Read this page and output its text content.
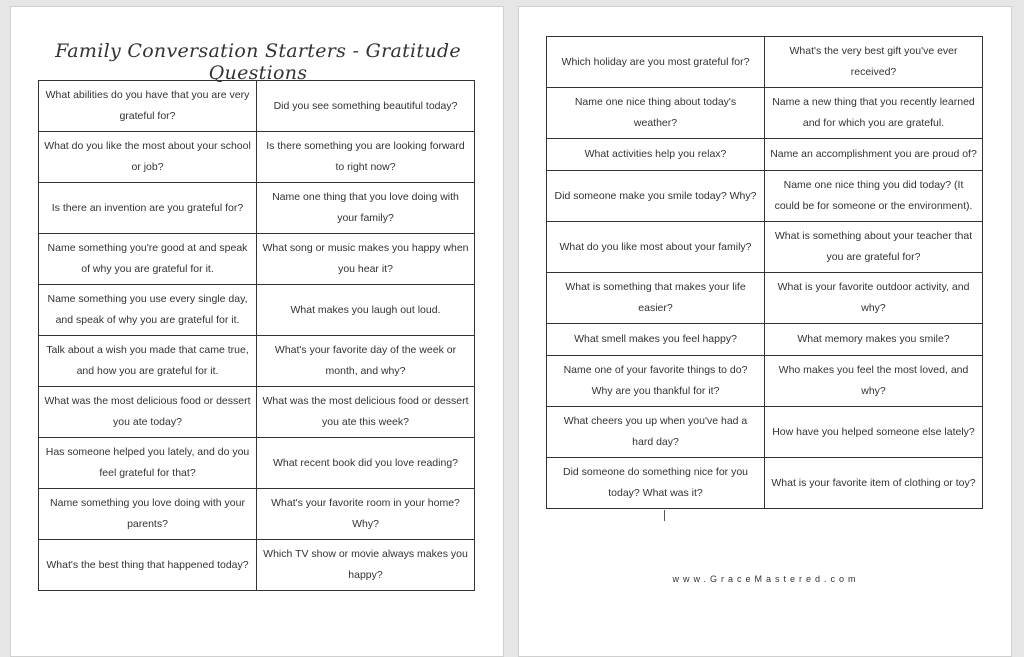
Family Conversation Starters - Gratitude Questions
What abilities do you have that you are very grateful for?	Did you see something beautiful today?
What do you like the most about your school or job?	Is there something you are looking forward to right now?
Is there an invention are you grateful for?	Name one thing that you love doing with your family?
Name something you're good at and speak of why you are grateful for it.	What song or music makes you happy when you hear it?
Name something you use every single day, and speak of why you are grateful for it.	What makes you laugh out loud.
Talk about a wish you made that came true, and how you are grateful for it.	What's your favorite day of the week or month, and why?
What was the most delicious food or dessert you ate today?	What was the most delicious food or dessert you ate this week?
Has someone helped you lately, and do you feel grateful for that?	What recent book did you love reading?
Name something you love doing with your parents?	What's your favorite room in your home? Why?
What's the best thing that happened today?	Which TV show or movie always makes you happy?
Which holiday are you most grateful for?	What's the very best gift you've ever received?
Name one nice thing about today's weather?	Name a new thing that you recently learned and for which you are grateful.
What activities help you relax?	Name an accomplishment you are proud of?
Did someone make you smile today? Why?	Name one nice thing you did today? (It could be for someone or the environment).
What do you like most about your family?	What is something about your teacher that you are grateful for?
What is something that makes your life easier?	What is your favorite outdoor activity, and why?
What smell makes you feel happy?	What memory makes you smile?
Name one of your favorite things to do? Why are you thankful for it?	Who makes you feel the most loved, and why?
What cheers you up when you've had a hard day?	How have you helped someone else lately?
Did someone do something nice for you today? What was it?	What is your favorite item of clothing or toy?
www.GraceMastered.com
